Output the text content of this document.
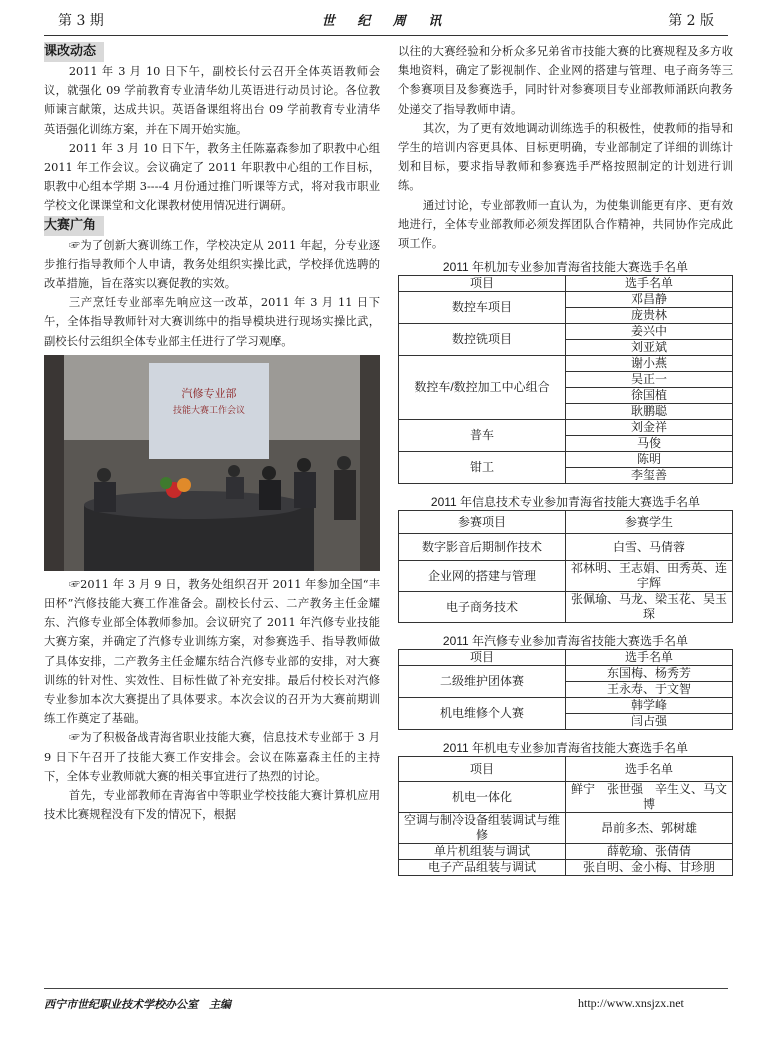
第 3 期	世 纪 周 讯	第 2 版
课改动态

2011 年 3 月 10 日下午，副校长付云召开全体英语教师会议，就强化 09 学前教育专业清华幼儿英语进行动员讨论。各位教师谏言献策，达成共识。英语备课组将出台 09 学前教育专业清华英语强化训练方案，并在下周开始实施。

2011 年 3 月 10 日下午，教务主任陈嘉森参加了职教中心组 2011 年工作会议。会议确定了 2011 年职教中心组的工作目标，职教中心组本学期 3----4 月份通过推门听课等方式，将对我市职业学校文化课课堂和文化课教材使用情况进行调研。

大赛广角

☞为了创新大赛训练工作，学校决定从 2011 年起，分专业逐步推行指导教师个人申请，教务处组织实操比武，学校择优选聘的改革措施，旨在落实以赛促教的实效。

三产烹饪专业部率先响应这一改革，2011 年 3 月 11 日下午，全体指导教师针对大赛训练中的指导模块进行现场实操比武，副校长付云组织全体专业部主任进行了学习观摩。

汽修专业部
技能大赛工作会议

☞2011 年 3 月 9 日，教务处组织召开 2011 年参加全国“丰田杯”汽修技能大赛工作准备会。副校长付云、二产教务主任金耀东、汽修专业部全体教师参加。会议研究了 2011 年汽修专业技能大赛方案，并确定了汽修专业训练方案，对参赛选手、指导教师做了具体安排，二产教务主任金耀东结合汽修专业部的安排，对大赛训练的针对性、实效性、目标性做了补充安排。最后付校长对汽修专业参加本次大赛提出了具体要求。本次会议的召开为大赛前期训练工作奠定了基础。

☞为了积极备战青海省职业技能大赛，信息技术专业部于 3 月 9 日下午召开了技能大赛工作安排会。会议在陈嘉森主任的主持下，全体专业教师就大赛的相关事宜进行了热烈的讨论。

首先，专业部教师在青海省中等职业学校技能大赛计算机应用技术比赛规程没有下发的情况下，根据

以往的大赛经验和分析众多兄弟省市技能大赛的比赛规程及多方收集地资料，确定了影视制作、企业网的搭建与管理、电子商务等三个参赛项目及参赛选手，同时针对参赛项目专业部教师涌跃向教务处递交了指导教师申请。

其次，为了更有效地调动训练选手的积极性，使教师的指导和学生的培训内容更具体、目标更明确，专业部制定了详细的训练计划和目标，要求指导教师和参赛选手严格按照制定的计划进行训练。

通过讨论，专业部教师一直认为，为使集训能更有序、更有效地进行，全体专业部教师必须发挥团队合作精神，共同协作完成此项工作。

2011 年机加专业参加青海省技能大赛选手名单
项目	选手名单
数控车项目	邓昌静
	庞贵林
数控铣项目	姜兴中
	刘亚斌
数控车/数控加工中心组合	谢小燕
	吴正一
	徐国植
	耿鹏聪
普车	刘金祥
	马俊
钳工	陈明
	李玺善
2011 年信息技术专业参加青海省技能大赛选手名单
参赛项目	参赛学生
数字影音后期制作技术	白雪、马倩蓉
企业网的搭建与管理	祁林明、王志娟、田秀英、连宇辉
电子商务技术	张佩瑜、马龙、梁玉花、吴玉琛
2011 年汽修专业参加青海省技能大赛选手名单
项目	选手名单
二级维护团体赛	东国梅、杨秀芳
	王永寿、于文智
机电维修个人赛	韩学峰
	闫占强
2011 年机电专业参加青海省技能大赛选手名单
项目	选手名单
机电一体化	鲜宁　张世强　辛生义、马文博
空调与制冷设备组装调试与维修	昂前多杰、郭树雄
单片机组装与调试	薛乾瑜、张倩倩
电子产品组装与调试	张自明、金小梅、甘珍朋
西宁市世纪职业技术学校办公室　主编	http://www.xnsjzx.net
